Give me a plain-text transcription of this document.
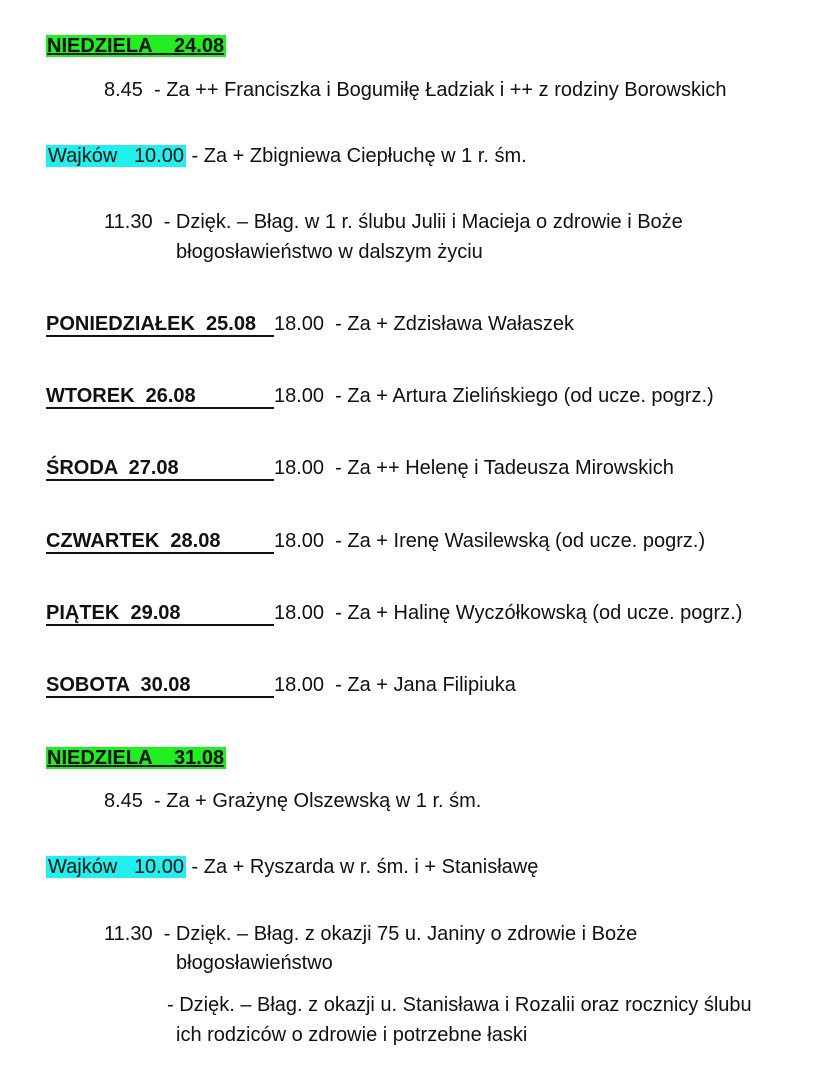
NIEDZIELA    24.08
8.45  - Za ++ Franciszka i Bogumiłę Ładziak i ++ z rodziny Borowskich
Wajków   10.00 - Za + Zbigniewa Ciepłuchę w 1 r. śm.
11.30  - Dzięk. – Błag. w 1 r. ślubu Julii i Macieja o zdrowie i Boże
błogosławieństwo w dalszym życiu
PONIEDZIAŁEK  25.08 18.00  - Za + Zdzisława Wałaszek
WTOREK  26.08	18.00  - Za + Artura Zielińskiego (od ucze. pogrz.)
ŚRODA  27.08	18.00  - Za ++ Helenę i Tadeusza Mirowskich
CZWARTEK  28.08	18.00  - Za + Irenę Wasilewską (od ucze. pogrz.)
PIĄTEK  29.08	18.00  - Za + Halinę Wyczółkowską (od ucze. pogrz.)
SOBOTA  30.08	18.00  - Za + Jana Filipiuka
NIEDZIELA    31.08
8.45  - Za + Grażynę Olszewską w 1 r. śm.
Wajków   10.00 - Za + Ryszarda w r. śm. i + Stanisławę
11.30  - Dzięk. – Błag. z okazji 75 u. Janiny o zdrowie i Boże
błogosławieństwo
- Dzięk. – Błag. z okazji u. Stanisława i Rozalii oraz rocznicy ślubu
ich rodziców o zdrowie i potrzebne łaski
